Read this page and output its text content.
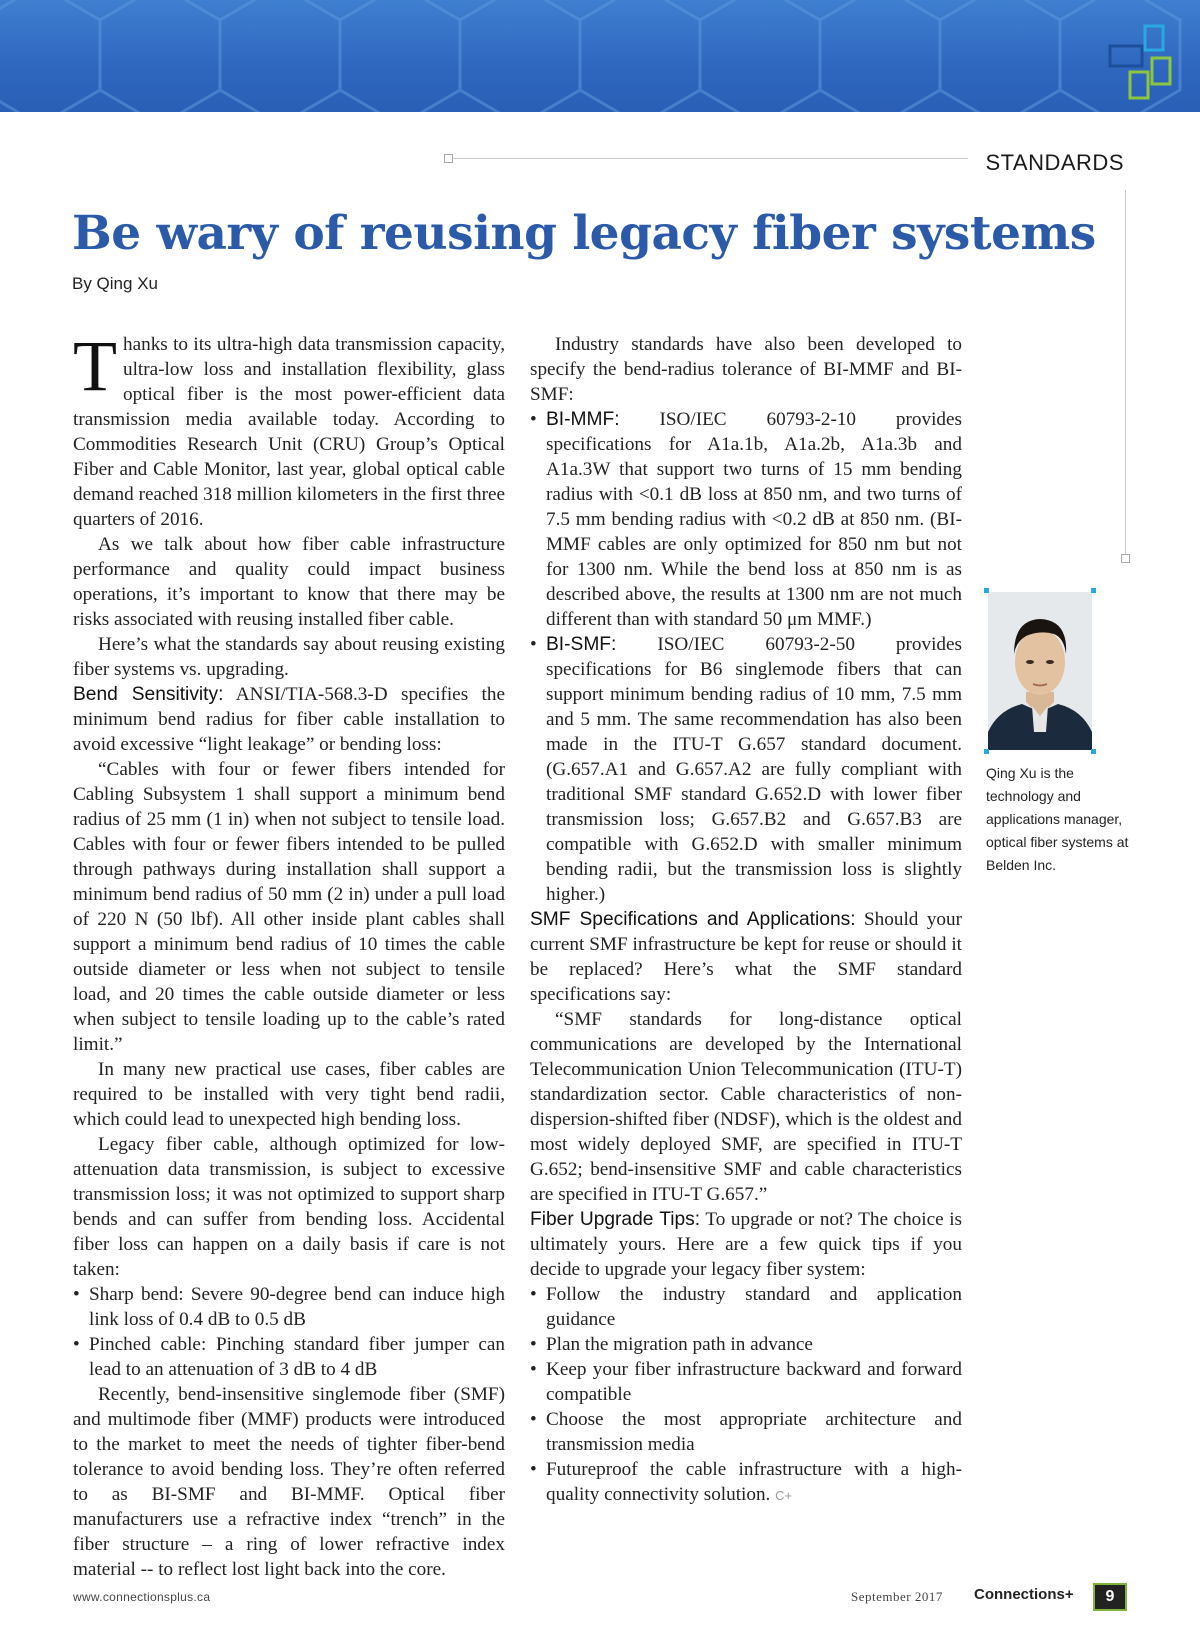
STANDARDS
Be wary of reusing legacy fiber systems
By Qing Xu

Thanks to its ultra-high data transmission capacity, ultra-low loss and installation flexibility, glass optical fiber is the most power-efficient data transmission media available today. According to Commodities Research Unit (CRU) Group’s Optical Fiber and Cable Monitor, last year, global optical cable demand reached 318 million kilometers in the first three quarters of 2016.

As we talk about how fiber cable infrastructure performance and quality could impact business operations, it’s important to know that there may be risks associated with reusing installed fiber cable.

Here’s what the standards say about reusing existing fiber systems vs. upgrading.

Bend Sensitivity: ANSI/TIA-568.3-D specifies the minimum bend radius for fiber cable installation to avoid excessive “light leakage” or bending loss:

“Cables with four or fewer fibers intended for Cabling Subsystem 1 shall support a minimum bend radius of 25 mm (1 in) when not subject to tensile load. Cables with four or fewer fibers intended to be pulled through pathways during installation shall support a minimum bend radius of 50 mm (2 in) under a pull load of 220 N (50 lbf). All other inside plant cables shall support a minimum bend radius of 10 times the cable outside diameter or less when not subject to tensile load, and 20 times the cable outside diameter or less when subject to tensile loading up to the cable’s rated limit.”

In many new practical use cases, fiber cables are required to be installed with very tight bend radii, which could lead to unexpected high bending loss.

Legacy fiber cable, although optimized for low-attenuation data transmission, is subject to excessive transmission loss; it was not optimized to support sharp bends and can suffer from bending loss. Accidental fiber loss can happen on a daily basis if care is not taken:

• Sharp bend: Severe 90-degree bend can induce high link loss of 0.4 dB to 0.5 dB
• Pinched cable: Pinching standard fiber jumper can lead to an attenuation of 3 dB to 4 dB

Recently, bend-insensitive singlemode fiber (SMF) and multimode fiber (MMF) products were introduced to the market to meet the needs of tighter fiber-bend tolerance to avoid bending loss. They’re often referred to as BI-SMF and BI-MMF. Optical fiber manufacturers use a refractive index “trench” in the fiber structure – a ring of lower refractive index material -- to reflect lost light back into the core.

Industry standards have also been developed to specify the bend-radius tolerance of BI-MMF and BI-SMF:

• BI-MMF: ISO/IEC 60793-2-10 provides specifications for A1a.1b, A1a.2b, A1a.3b and A1a.3W that support two turns of 15 mm bending radius with <0.1 dB loss at 850 nm, and two turns of 7.5 mm bending radius with <0.2 dB at 850 nm. (BI-MMF cables are only optimized for 850 nm but not for 1300 nm. While the bend loss at 850 nm is as described above, the results at 1300 nm are not much different than with standard 50 μm MMF.)
• BI-SMF: ISO/IEC 60793-2-50 provides specifications for B6 singlemode fibers that can support minimum bending radius of 10 mm, 7.5 mm and 5 mm. The same recommendation has also been made in the ITU-T G.657 standard document. (G.657.A1 and G.657.A2 are fully compliant with traditional SMF standard G.652.D with lower fiber transmission loss; G.657.B2 and G.657.B3 are compatible with G.652.D with smaller minimum bending radii, but the transmission loss is slightly higher.)

SMF Specifications and Applications: Should your current SMF infrastructure be kept for reuse or should it be replaced? Here’s what the SMF standard specifications say:

“SMF standards for long-distance optical communications are developed by the International Telecommunication Union Telecommunication (ITU-T) standardization sector. Cable characteristics of non-dispersion-shifted fiber (NDSF), which is the oldest and most widely deployed SMF, are specified in ITU-T G.652; bend-insensitive SMF and cable characteristics are specified in ITU-T G.657.”

Fiber Upgrade Tips: To upgrade or not? The choice is ultimately yours. Here are a few quick tips if you decide to upgrade your legacy fiber system:

• Follow the industry standard and application guidance
• Plan the migration path in advance
• Keep your fiber infrastructure backward and forward compatible
• Choose the most appropriate architecture and transmission media
• Futureproof the cable infrastructure with a high-quality connectivity solution. C+
Qing Xu is the technology and applications manager, optical fiber systems at Belden Inc.
www.connectionsplus.ca	September 2017 Connections+	9
